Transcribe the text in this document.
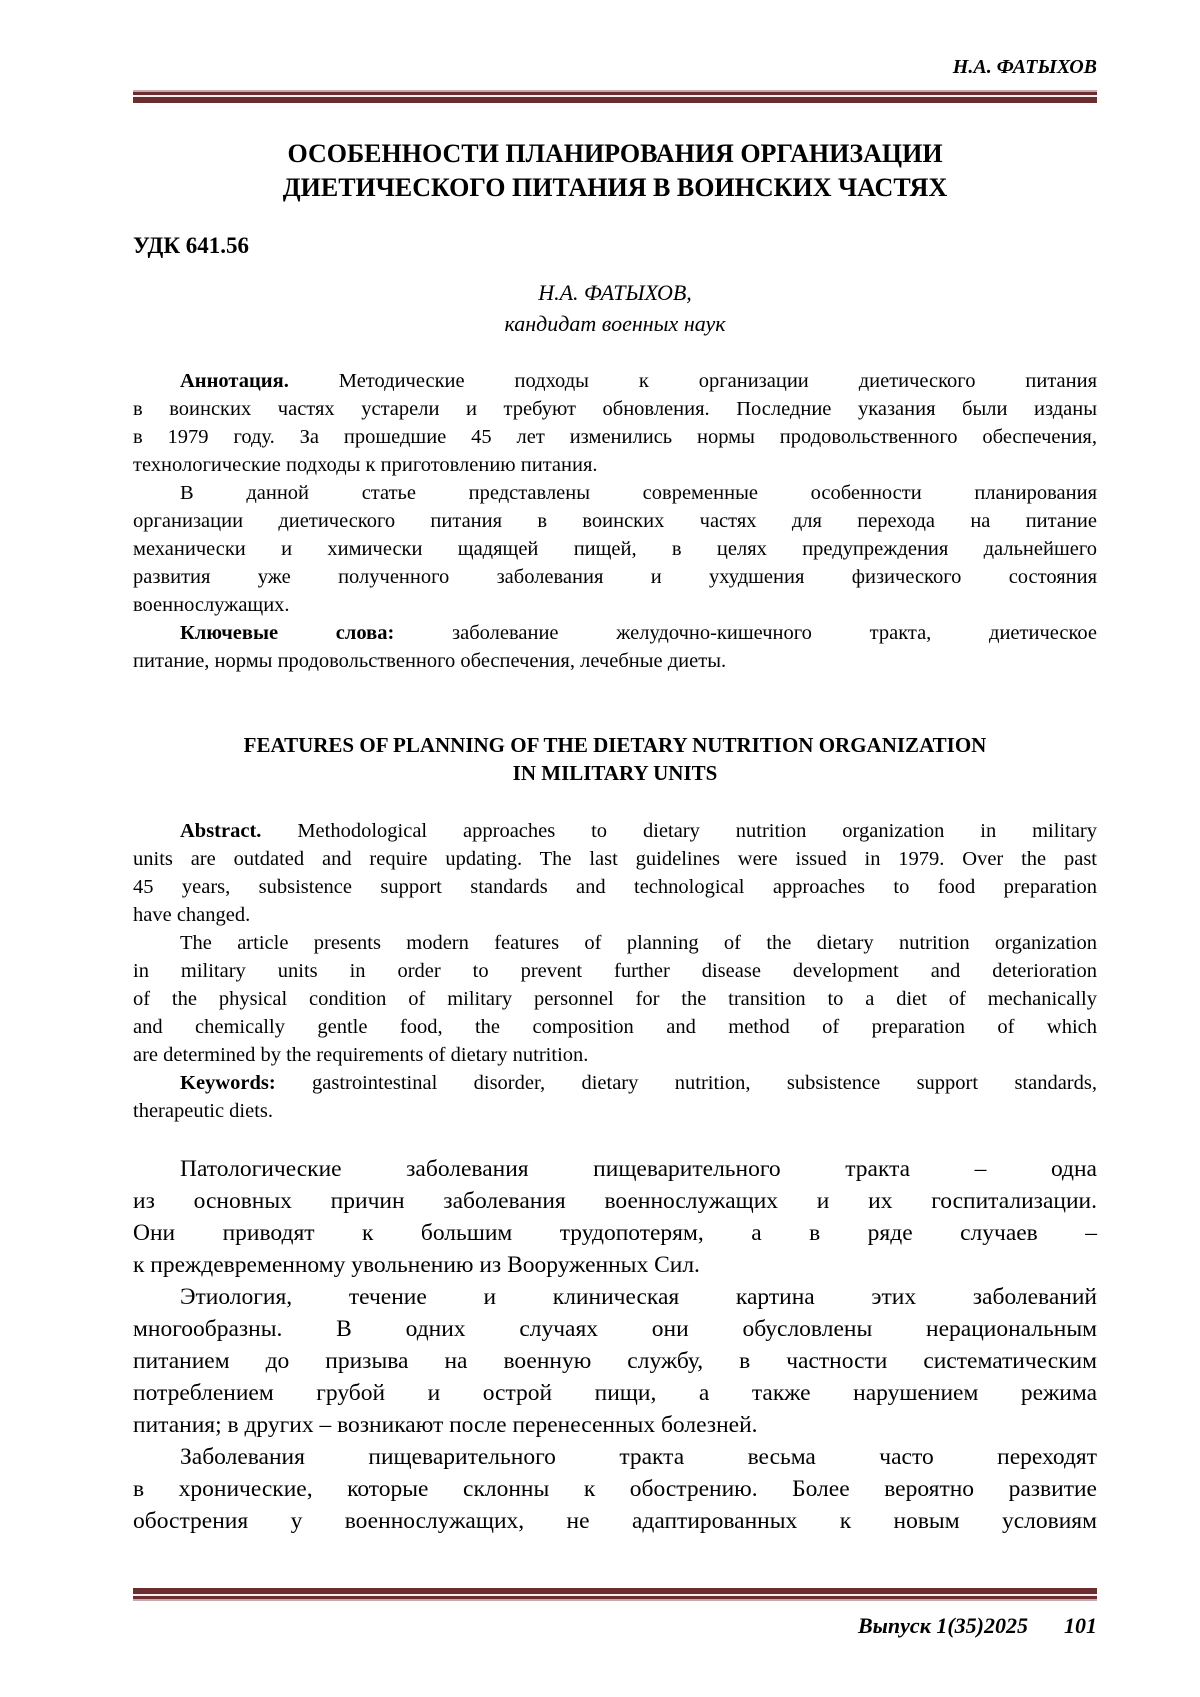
Н.А. ФАТЫХОВ
ОСОБЕННОСТИ ПЛАНИРОВАНИЯ ОРГАНИЗАЦИИ
ДИЕТИЧЕСКОГО ПИТАНИЯ В ВОИНСКИХ ЧАСТЯХ
УДК 641.56
Н.А. ФАТЫХОВ,
кандидат военных наук
Аннотация. Методические подходы к организации диетического питания
в воинских частях устарели и требуют обновления. Последние указания были изданы
в 1979 году. За прошедшие 45 лет изменились нормы продовольственного обеспечения,
технологические подходы к приготовлению питания.
В данной статье представлены современные особенности планирования
организации диетического питания в воинских частях для перехода на питание
механически и химически щадящей пищей, в целях предупреждения дальнейшего
развития уже полученного заболевания и ухудшения физического состояния
военнослужащих.
Ключевые слова: заболевание желудочно-кишечного тракта, диетическое
питание, нормы продовольственного обеспечения, лечебные диеты.
FEATURES OF PLANNING OF THE DIETARY NUTRITION ORGANIZATION
IN MILITARY UNITS
Abstract. Methodological approaches to dietary nutrition organization in military
units are outdated and require updating. The last guidelines were issued in 1979. Over the past
45 years, subsistence support standards and technological approaches to food preparation
have changed.
The article presents modern features of planning of the dietary nutrition organization
in military units in order to prevent further disease development and deterioration
of the physical condition of military personnel for the transition to a diet of mechanically
and chemically gentle food, the composition and method of preparation of which
are determined by the requirements of dietary nutrition.
Keywords: gastrointestinal disorder, dietary nutrition, subsistence support standards,
therapeutic diets.
Патологические заболевания пищеварительного тракта – одна
из основных причин заболевания военнослужащих и их госпитализации.
Они приводят к большим трудопотерям, а в ряде случаев –
к преждевременному увольнению из Вооруженных Сил.
Этиология, течение и клиническая картина этих заболеваний
многообразны. В одних случаях они обусловлены нерациональным
питанием до призыва на военную службу, в частности систематическим
потреблением грубой и острой пищи, а также нарушением режима
питания; в других – возникают после перенесенных болезней.
Заболевания пищеварительного тракта весьма часто переходят
в хронические, которые склонны к обострению. Более вероятно развитие
обострения у военнослужащих, не адаптированных к новым условиям
Выпуск 1(35)2025 101
